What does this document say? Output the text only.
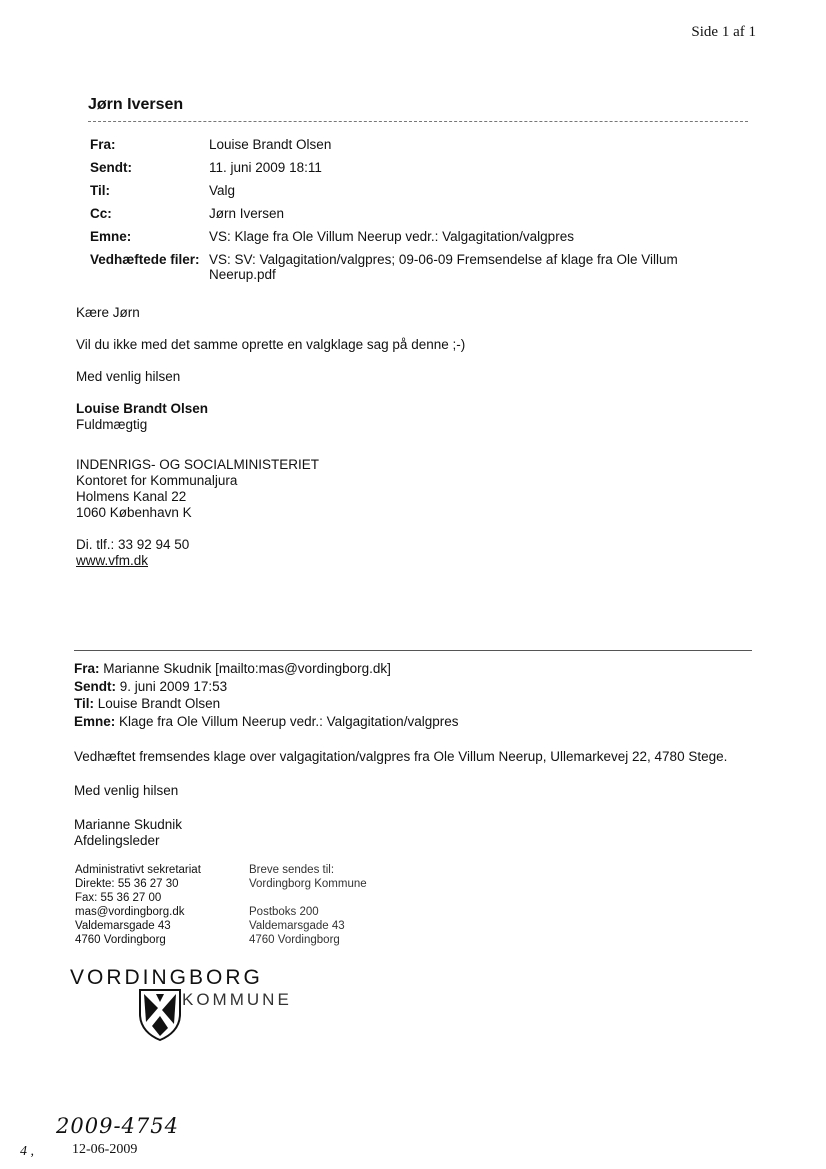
Side 1 af 1
Jørn Iversen
Fra:	Louise Brandt Olsen
Sendt:	11. juni 2009 18:11
Til:	Valg
Cc:	Jørn Iversen
Emne:	VS: Klage fra Ole Villum Neerup vedr.: Valgagitation/valgpres
Vedhæftede filer: VS: SV: Valgagitation/valgpres; 09-06-09 Fremsendelse af klage fra Ole Villum Neerup.pdf

Kære Jørn

Vil du ikke med det samme oprette en valgklage sag på denne ;-)

Med venlig hilsen

Louise Brandt Olsen

Fuldmægtig

INDENRIGS- OG SOCIALMINISTERIET

Kontoret for Kommunaljura

Holmens Kanal 22

1060 København K

Di. tlf.: 33 92 94 50

www.vfm.dk

Fra: Marianne Skudnik [mailto:mas@vordingborg.dk]
Sendt: 9. juni 2009 17:53
Til: Louise Brandt Olsen
Emne: Klage fra Ole Villum Neerup vedr.: Valgagitation/valgpres

Vedhæftet fremsendes klage over valgagitation/valgpres fra Ole Villum Neerup, Ullemarkevej 22, 4780 Stege.

Med venlig hilsen

Marianne Skudnik

Afdelingsleder

Administrativt sekretariat
Direkte: 55 36 27 30
Fax: 55 36 27 00
mas@vordingborg.dk
Valdemarsgade 43
4760 Vordingborg
Breve sendes til:
Vordingborg Kommune
Postboks 200
Valdemarsgade 43
4760 Vordingborg
VORDINGBORG
KOMMUNE
2009-4754
12-06-2009
4 ,
